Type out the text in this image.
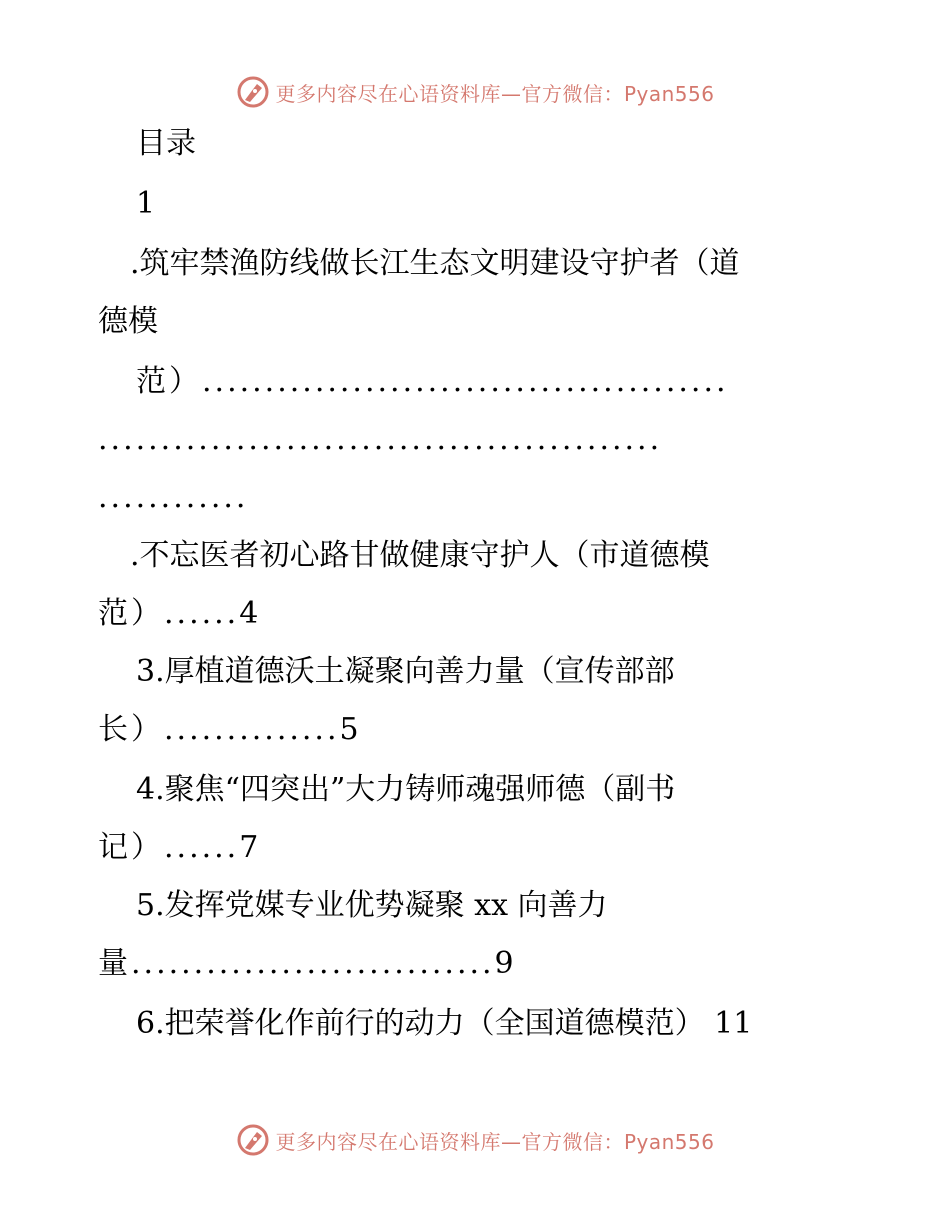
更多内容尽在心语资料库—官方微信：Pyan556
目录
1
.筑牢禁渔防线做长江生态文明建设守护者（道
德模
范）..........................................
.............................................
............
.不忘医者初心路甘做健康守护人（市道德模
范）......4
3.厚植道德沃土凝聚向善力量（宣传部部
长）..............5
4.聚焦“四突出”大力铸师魂强师德（副书
记）......7
5.发挥党媒专业优势凝聚 xx 向善力
量.............................9
6.把荣誉化作前行的动力（全国道德模范） 11
更多内容尽在心语资料库—官方微信：Pyan556
